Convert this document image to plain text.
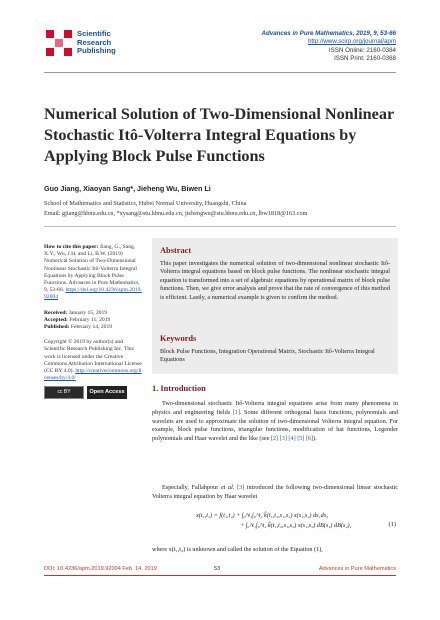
Scientific
Research
Publishing
Advances in Pure Mathematics, 2019, 9, 53-66
http://www.scirp.org/journal/apm
ISSN Online: 2160-0384
ISSN Print: 2160-0368
Numerical Solution of Two-Dimensional Nonlinear Stochastic Itô-Volterra Integral Equations by Applying Block Pulse Functions
Guo Jiang, Xiaoyan Sang*, Jieheng Wu, Biwen Li
School of Mathematics and Statistics, Hubei Normal University, Huangshi, China
Email: gjiang@hbnu.edu.cn, *xysang@stu.hbnu.edu.cn, jiehengwu@stu.hbnu.edu.cn, lbw1818@163.com
How to cite this paper: Jiang, G., Sang, X.Y., Wu, J.H. and Li, B.W. (2019) Numerical Solution of Two-Dimensional Nonlinear Stochastic Itô-Volterra Integral Equations by Applying Block Pulse Functions. Advances in Pure Mathematics, 9, 53-66. https://doi.org/10.4236/apm.2019.92004
Received: January 15, 2019
Accepted: February 11, 2019
Published: February 14, 2019
Copyright © 2019 by author(s) and Scientific Research Publishing Inc. This work is licensed under the Creative Commons Attribution International License (CC BY 4.0). http://creativecommons.org/licenses/by/4.0/
cc BY	Open Access
Abstract
This paper investigates the numerical solution of two-dimensional nonlinear stochastic Itô-Volterra integral equations based on block pulse functions. The nonlinear stochastic integral equation is transformed into a set of algebraic equations by operational matrix of block pulse functions. Then, we give error analysis and prove that the rate of convergence of this method is efficient. Lastly, a numerical example is given to confirm the method.
Keywords
Block Pulse Functions, Integration Operational Matrix, Stochastic Itô-Volterra Integral Equations
1. Introduction
Two-dimensional stochastic Itô-Volterra integral equations arise from many phenomena in physics and engineering fields [1]. Some different orthogonal basis functions, polynomials and wavelets are used to approximate the solution of two-dimensional Volterra integral equation. For example, block pulse functions, triangular functions, modification of hat functions, Legender polynomials and Haar wavelet and the like (see [2] [3] [4] [5] [6]).
Especially, Fallahpour et al. [3] introduced the following two-dimensional linear stochastic Volterra integral equation by Haar wavelet
x(t₁,t₂) = f(t₁,t₂) + ∫₀^t₁∫₀^t₂ k̂(t₁,t₂,s₁,s₂) x(s₁,s₂) ds₁ds₂
+ ∫₀^t₁∫₀^t₂ k̃(t₁,t₂,s₁,s₂) x(s₁,s₂) dB(s₁) dB(s₂),	(1)
where x(t₁,t₂) is unknown and called the solution of the Equation (1),
DOI: 10.4236/apm.2019.92004 Feb. 14, 2019	53	Advances in Pure Mathematics
